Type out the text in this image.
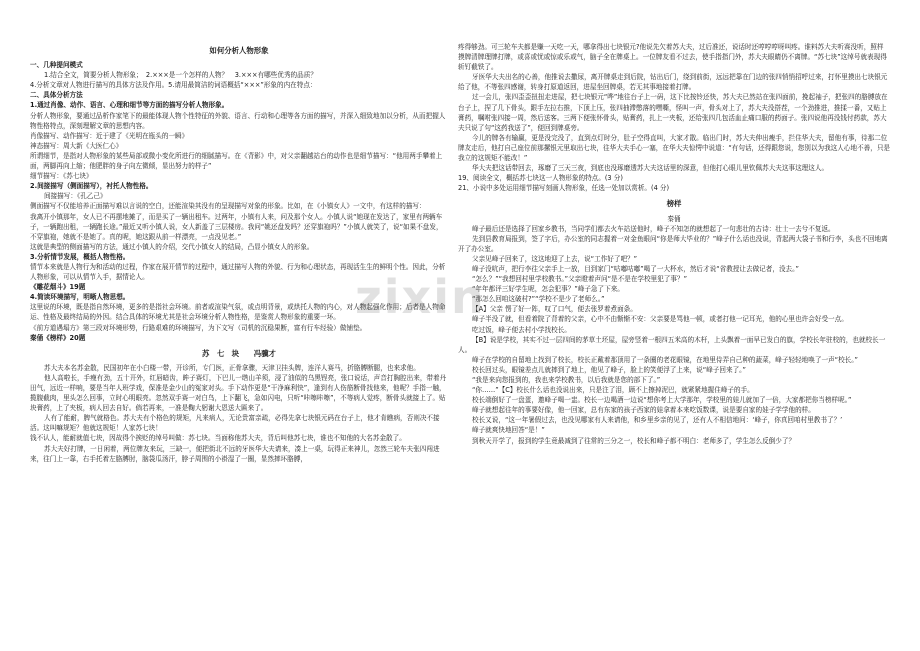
zixin

如何分析人物形象

一、几种提问模式

1.结合全文，简要分析人物形象；　2.×××是一个怎样的人物？　3.×××有哪些优秀的品质？

4.分析文章对人物进行描写的具体方法及作用。5.请用最简洁的词语概括“×××”形象的内在特点：

二、具体分析方法

1.通过肖像、动作、语言、心理和细节等方面的描写分析人物形象。

分析人物形象，要通过品析作家笔下的最能体现人物个性特征的外貌、语言、行动和心理等各方面的描写，并深入细致地加以分析，从而把握人物性格特点，深刻理解文章的思想内容。

肖像描写、动作描写：近于建了《光明在瓶头的一瞬》

神态描写：周大新《大医仁心》

所谓细节，是指对人物形象的某些局部或微小变化所进行的细腻描写。在《背影》中，对父亲翻越站台的动作也是细节描写：“他用两手攀着上面，两脚再向上缩；他肥胖的身子向左微倾，显出努力的样子”

细节描写：《苏七块》

2.间接描写（侧面描写），衬托人物性格。

间接描写：《孔乙己》

侧面描写不仅能培养正面描写难以言说的空白，还能渲染其没有的呈现描写对象的形象。比如，在《小镇女人》一文中，有这样的描写：

我离开小镇那年，女人已不再摆地摊了，而是买了一辆出租车。过两年，小镇有人来，问及那个女人。小镇人说“她现在发达了，家里有两辆车子，一辆跑出租，一辆跑长途。”最近又听小镇人说，女人新盖了三层楼房。我问“姚还盘发吗？还穿旗袍吗？”小镇人就笑了，说“如果不盘发，不穿旗袍，她就不是她了。真的呢，她这跟从前一样漂亮，一点没见老。”

这就是典型的侧面描写的方法，通过小镇人的介绍，交代小镇女人的结局，凸显小镇女人的形象。

3.分析情节发展，概括人物性格。

情节本来就是人物行为和活动的过程，作家在展开情节的过程中，通过描写人物的外貌、行为和心理状态，再现活生生的鲜明个性。因此，分析人物形象，可以从情节入手，据情论人。

《雕花烟斗》19题

4.简读环境描写，明晰人物思想。

这里说的环境，既是指自然环境，更多的是指社会环境。前者或渲染气氛，或点明背景，或烘托人物的内心，对人物起强化作用；后者是人物命运、性格及最终结局的外因。结合具体的环境尤其是社会环境分析人物性格，是鉴赏人物形象的重要一环。

《前方道遇塌方》第三段对环境形势，行路艰难的环境描写，为下文写（司机的沉稳果断，富有行车经验）做铺垫。

秦俑《榜样》20题

苏　七　块　　冯骥才

苏大夫本名苏金散，民国初年在小白楼一带，开诊所，专门医，正骨拿骤，天津卫挂头牌，连洋人赛马，折胳膊断腿，也来求他。

他人高啦长，手瘦有劲，五十开外，红唇暗齿，眸子赛灯，下巴儿一绺山羊须，浸了油似的乌黑锃亮，张口说话，声音打胸腔出来，带着丹田气，远近一样响，要是当年人班学戏，保准是金少山的冤家对头。手下动作更是“干净麻利快”，逢到有人伤筋断骨找他来，他呢？手指一触，揽腹截肉，里头怎么回事，立时心明眼亮。忽然双手赛一对白鸟，上下翻飞，急如闪电，只听“咔嚓咔嚓”，不等病人觉疼，断骨头就接上了。贴块膏药，上了夹板，病人回去自好。倘若再来，一准是鞠大躬谢大恩送大匾来了。

人有了能耐，脾气就格色。苏大夫有个格色的规矩，凡来病人，无论贵富亲疏，必得先拿七块银元码在台子上，他才肯瞧病，否则决不接活。这叫嘛规矩？他就这规矩！人家苏七块！

钱不认人，能耐就值七块，因故得个挨贬的绰号叫做：苏七块。当面称他苏大夫，背后叫他苏七块，谁也不知他的大名苏金散了。

苏大夫好打牌，一日闲着，两位牌友来玩，三缺一，便把街北不远的牙医华大夫请来，凑上一桌，玩得正来神儿，忽然三轮车夫张四闯进来，往门上一靠，右手托着左胳膊肘，脑袋瓜汤汗，脖子周围的小褂湿了一圈，显然摔坏胳膊，

疼得够劲。可三轮车夫都是赚一天吃一天，哪拿得出七块银元?他说先欠着苏大夫，过后准还，说话时还哼哼哼呀叫疼。谁料苏大夫听赛没听，照样摸牌清牌理牌打牌，或喜或忧或惊或乐或气，脑子全在牌桌上。一位牌友看不过去，使手指指门外，苏大夫眼睛仍不离牌。“苏七块”这绰号就表现得斩钉截铁了。

牙医华大夫出名的心善，他推说去撒尿，离开牌桌走到后院，钻出后门，绕到前街，远远把靠在门边的张四悄悄招呼过来，打怀里摸出七块银元给了他，不等张四感谢，转身打原道返回，进屋坐回牌桌，若无其事地接着打牌。

过一会儿，张四歪歪扭扭走进屋，把七块银元“哗”地往台子上一码，这下比按铃还快，苏大夫已然站在张四面前，挽起袖子，把张四的胳膊放在台子上，捏了几下骨头，跟手左拉右推，下顶上压，张四抽滞憋落的嘿嘶，怪叫一声，骨头对上了，苏大夫没搭茬，一个劲推进，推揉一番，又贴上膏药，嘱咐张四接一周，然后送客。三两下便张怀骨头，贴膏药，扎上一夹板，还给张四几包活血止痛口服的药面子。张四说他再没钱付药款，苏大夫只说了句“这药我送了”，便回到牌桌旁。

今儿的牌各有输赢，更是没完没了，直到点灯时分，肚子空得直叫，大家才散。临出门时，苏大夫伸出瘦手，拦住华大夫，留他有事，待那二位牌友走后，他打自己座位前那摞银元里取出七块，往华大夫手心一塞，在华大夫惊愕中说道：“有句话，还得跟您说，您别以为我这人心地不善，只是我立的这规矩不能改！”

华大夫把这话带回去，琢磨了三天三夜，到底也没琢磨透苏大夫这话里的深意，但他打心眼儿里钦佩苏大夫这事这理这人。

19、阅读全文，概括苏七块这一人物形象的特点。(3 分)

21、小说中多处运用细节描写刻画人物形象，任选一处加以赏析。(4 分)

榜样

秦俑

峰子最后还是选择了回家乡教书，当同学们都去火车站送他时，峰子不知怎的就想起了一句悲壮的古诗：壮士一去兮不复返。

先到县教育局报到，签了字后，办公室的同志握着一对金鱼眼问“你是师大毕业的？”峰子什么话也没说，背起两大袋子书和行李，头也不回地离开了办公室。

父亲见峰子回来了，这这地迎了上去，说“工作好了吧？”

峰子没吭声，把行李往父亲手上一放，目到家门“咕嘟咕嘟”喝了一大杯水，然后才说“省教授让去做记者，没去。”

“怎么？”“我想回村里学校教书。”父亲瞪着声问“是不是在学校里犯了事？”

“年年都评三好学生呢，怎会犯事？”峰子急了下来。

“那怎么回咱这破村?”“学校不是少了老师么。”

【A】父亲 愣了好一阵，叹了口气，便去张罗着煮面条。

峰子半没了就，但看着院了背着的父亲，心中不由惭惭不安：父亲要是骂他一顿，或者打他一记耳光，他的心里也许会好受一点。

吃过饭，峰子便去村小学找校长。

【B】说是学校，其实不过一层四间的茅草土坯屋，屋旁竖着一根四五米高的木杆，上头飘着一面早已发白的旗，学校长年驻校的，也就校长一人。

峰子在学校的自留地上找到了校长，校长正戴着那顶用了一条圈的老花眼镜，在地里侍弄自己种的蔬菜，峰子轻轻地唤了一声“校长。”

校长回过头，眼镜差点儿就摔到了地上，他见了峰子，脸上的笑便浮了上来，说“峰子回来了。”

“我是来向您报到的，我也来学校教书，以后我就是您的部下了。”

“你……”【C】校长什么话也没说出来，只是注了泪，顾不上擦掉泥巴，就紧紧地握住峰子的手。

校长端倒好了一盘蛋，邀峰子喝一盅。校长一边喝酒一边说“想你考上大学那年，学校里的娃儿就加了一倍，大家都把你当榜样呢。”

峰子就想起往年的事要好像，他一回家，总有东家的孩子西家的娃拿着本来吃饭数课，说是要自家的娃子学学他的样。

校长又说，“这一年暑假过去，也没见哪家有人来请他，和乡里乡亲的见了，还有人不相信地问：‘峰子，你真回咱村里教书了？’

峰子就爽快地回答“是！”

到秋天开学了，报到的学生竟最减到了往常的三分之一，校长和峰子都不明白：老师多了，学生怎么反倒少了？
